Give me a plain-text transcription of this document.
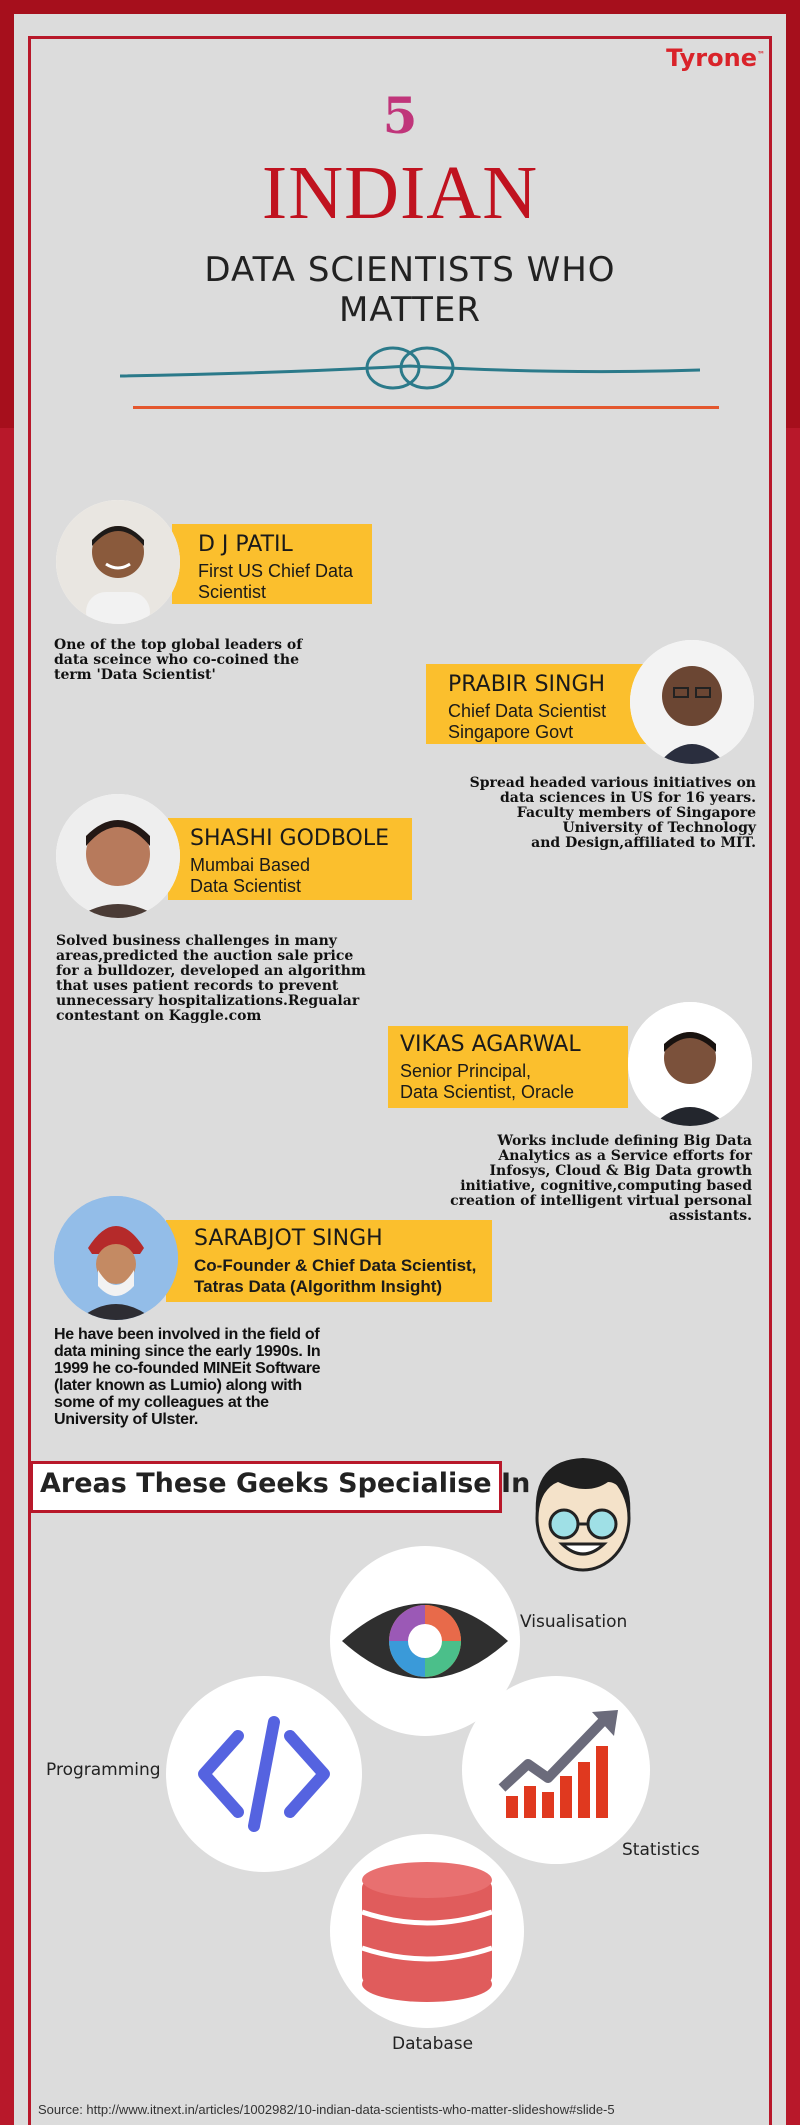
Tyrone™
5
INDIAN
DATA SCIENTISTS WHO
MATTER
D J PATIL
First US Chief Data
Scientist
One of the top global leaders of
data sceince who co-coined the
term 'Data Scientist'	PRABIR SINGH
Chief Data Scientist
Singapore Govt
Spread headed various initiatives on
data sciences in US for 16 years.
Faculty members of Singapore
University of Technology
and Design,affiliated to MIT.
SHASHI GODBOLE
Mumbai Based
Data Scientist
Solved business challenges in many
areas,predicted the auction sale price
for a bulldozer, developed an algorithm
that uses patient records to prevent
unnecessary hospitalizations.Regualar
contestant on Kaggle.com
VIKAS AGARWAL
Senior Principal,
Data Scientist, Oracle
Works include defining Big Data
Analytics as a Service efforts for
Infosys, Cloud & Big Data growth
initiative, cognitive,computing based
creation of intelligent virtual personal
assistants.
SARABJOT SINGH
Co-Founder & Chief Data Scientist,
Tatras Data (Algorithm Insight)
He have been involved in the field of
data mining since the early 1990s. In
1999 he co-founded MINEit Software
(later known as Lumio) along with
some of my colleagues at the
University of Ulster.
Areas These Geeks Specialise In
Visualisation
Programming
Statistics
Database
Source: http://www.itnext.in/articles/1002982/10-indian-data-scientists-who-matter-slideshow#slide-5
